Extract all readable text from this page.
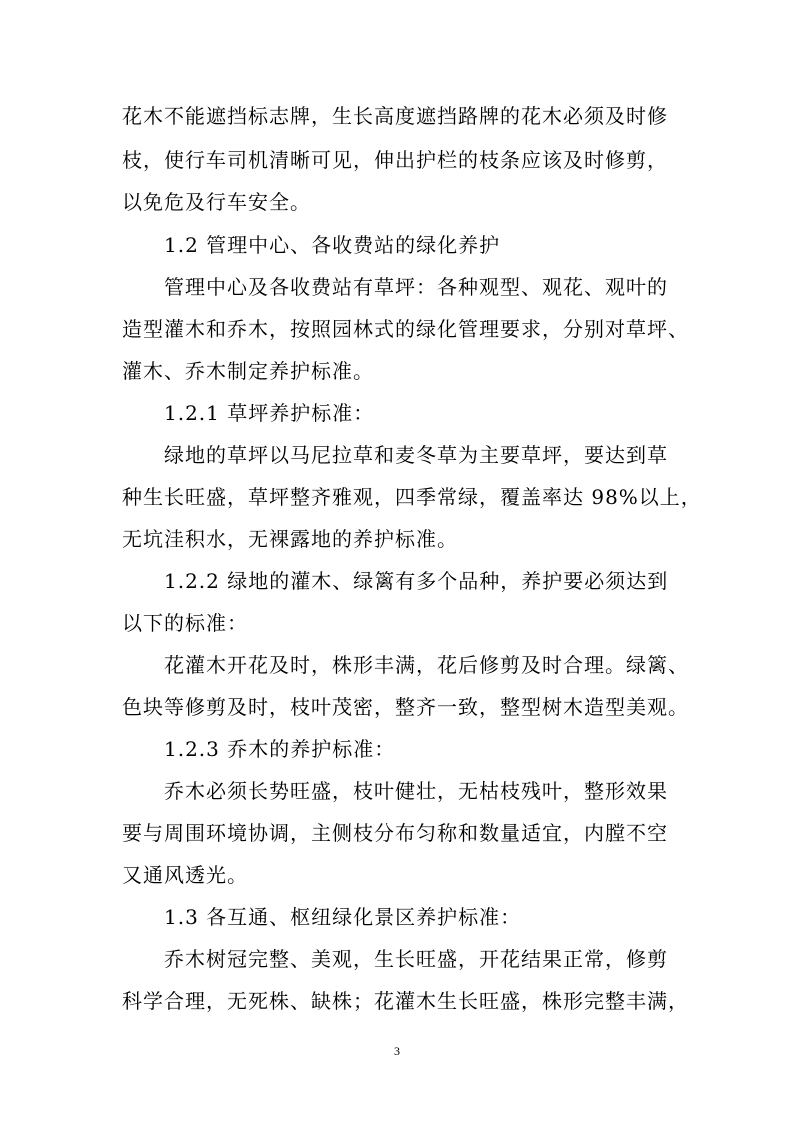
花木不能遮挡标志牌，生长高度遮挡路牌的花木必须及时修
枝，使行车司机清晰可见，伸出护栏的枝条应该及时修剪，
以免危及行车安全。
1.2 管理中心、各收费站的绿化养护
管理中心及各收费站有草坪：各种观型、观花、观叶的
造型灌木和乔木，按照园林式的绿化管理要求，分别对草坪、
灌木、乔木制定养护标准。
1.2.1 草坪养护标准：
绿地的草坪以马尼拉草和麦冬草为主要草坪，要达到草
种生长旺盛，草坪整齐雅观，四季常绿，覆盖率达 98%以上，
无坑洼积水，无裸露地的养护标准。
1.2.2 绿地的灌木、绿篱有多个品种，养护要必须达到
以下的标准：
花灌木开花及时，株形丰满，花后修剪及时合理。绿篱、
色块等修剪及时，枝叶茂密，整齐一致，整型树木造型美观。
1.2.3 乔木的养护标准：
乔木必须长势旺盛，枝叶健壮，无枯枝残叶，整形效果
要与周围环境协调，主侧枝分布匀称和数量适宜，内膛不空
又通风透光。
1.3 各互通、枢纽绿化景区养护标准：
乔木树冠完整、美观，生长旺盛，开花结果正常，修剪
科学合理，无死株、缺株；花灌木生长旺盛，株形完整丰满，
3
